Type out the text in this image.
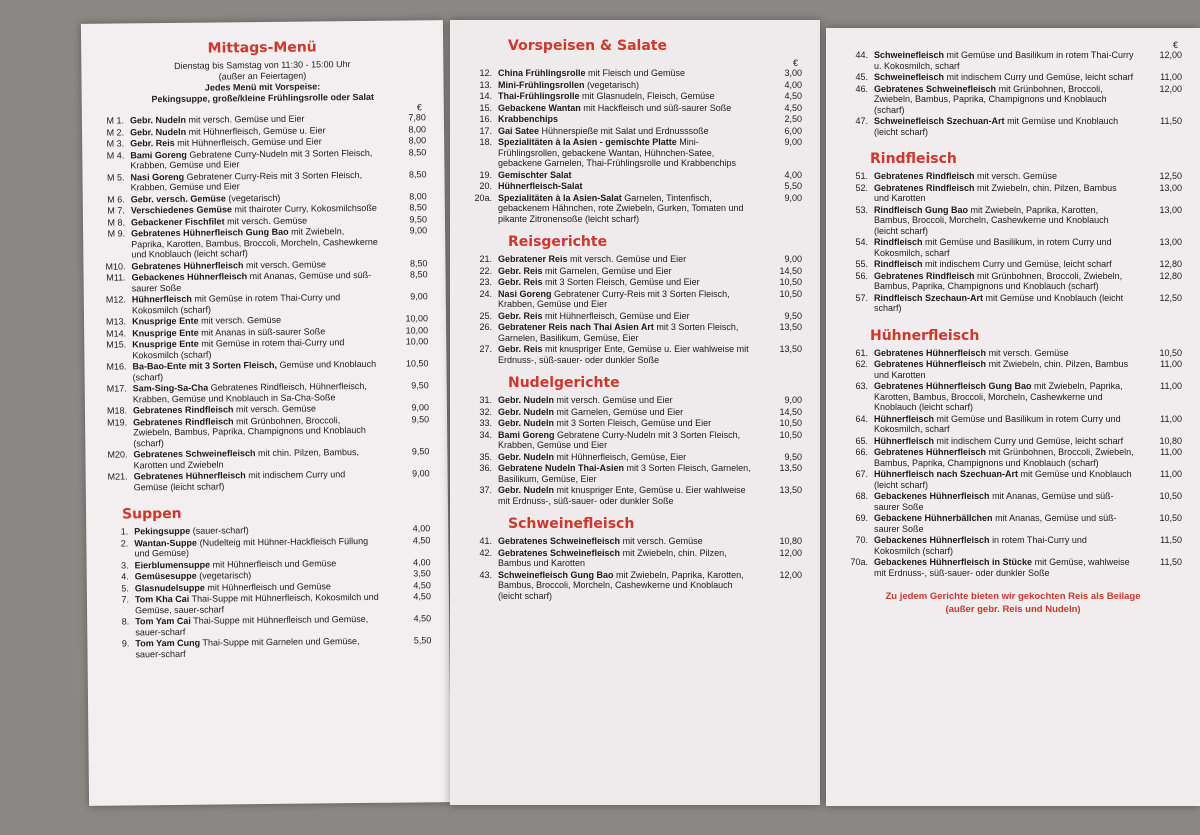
Mittags-Menü
Dienstag bis Samstag von 11:30 - 15:00 Uhr
(außer an Feiertagen)
Jedes Menü mit Vorspeise:
Pekingsuppe, große/kleine Frühlingsrolle oder Salat
€
M 1. Gebr. Nudeln mit versch. Gemüse und Eier	7,80
M 2. Gebr. Nudeln mit Hühnerfleisch, Gemüse u. Eier	8,00
M 3. Gebr. Reis mit Hühnerfleisch, Gemüse und Eier	8,00
M 4. Bami Goreng Gebratene Curry-Nudeln mit 3 Sorten Fleisch, Krabben, Gemüse und Eier
8,50
M 5. Nasi Goreng Gebratener Curry-Reis mit 3 Sorten Fleisch, Krabben, Gemüse und Eier
8,50
M 6. Gebr. versch. Gemüse (vegetarisch)	8,00
M 7. Verschiedenes Gemüse mit thairoter Curry, Kokosmilchsoße	8,50
M 8. Gebackener Fischfilet mit versch. Gemüse	9,50
M 9. Gebratenes Hühnerfleisch Gung Bao mit Zwiebeln, Paprika, Karotten, Bambus, Broccoli, Morcheln, Cashewkerne und Knoblauch (leicht scharf)
9,00
M10. Gebratenes Hühnerfleisch mit versch. Gemüse	8,50
M11. Gebackenes Hühnerfleisch mit Ananas, Gemüse und süß-saurer Soße
8,50
M12. Hühnerfleisch mit Gemüse in rotem Thai-Curry und Kokosmilch (scharf)
9,00
M13. Knusprige Ente mit versch. Gemüse	10,00
M14. Knusprige Ente mit Ananas in süß-saurer Soße	10,00
M15. Knusprige Ente mit Gemüse in rotem thai-Curry und Kokosmilch (scharf)
10,00
M16. Ba-Bao-Ente mit 3 Sorten Fleisch, Gemüse und Knoblauch (scharf)
10,50
M17. Sam-Sing-Sa-Cha Gebratenes Rindfleisch, Hühnerfleisch, Krabben, Gemüse und Knoblauch in Sa-Cha-Soße
9,50
M18. Gebratenes Rindfleisch mit versch. Gemüse	9,00
M19. Gebratenes Rindfleisch mit Grünbohnen, Broccoli, Zwiebeln, Bambus, Paprika, Champignons und Knoblauch (scharf)
9,50
M20. Gebratenes Schweinefleisch mit chin. Pilzen, Bambus, Karotten und Zwiebeln
9,50
M21. Gebratenes Hühnerfleisch mit indischem Curry und Gemüse (leicht scharf)
9,00
Suppen
1. Pekingsuppe (sauer-scharf)	4,00
2. Wantan-Suppe (Nudelteig mit Hühner-Hackfleisch Füllung und Gemüse)
4,50
3. Eierblumensuppe mit Hühnerfleisch und Gemüse	4,00
4. Gemüsesuppe (vegetarisch)	3,50
5. Glasnudelsuppe mit Hühnerfleisch und Gemüse	4,50
7. Tom Kha Cai Thai-Suppe mit Hühnerfleisch, Kokosmilch und Gemüse, sauer-scharf
4,50
8. Tom Yam Cai Thai-Suppe mit Hühnerfleisch und Gemüse, sauer-scharf
4,50
9. Tom Yam Cung Thai-Suppe mit Garnelen und Gemüse, sauer-scharf
5,50
Vorspeisen & Salate
€
12. China Frühlingsrolle mit Fleisch und Gemüse	3,00
13. Mini-Frühlingsrollen (vegetarisch)	4,00
14. Thai-Frühlingsrolle mit Glasnudeln, Fleisch, Gemüse	4,50
15. Gebackene Wantan mit Hackfleisch und süß-saurer Soße	4,50
16. Krabbenchips	2,50
17. Gai Satee Hühnerspieße mit Salat und Erdnusssoße	6,00
18. Spezialitäten à la Asien - gemischte Platte Mini-Frühlingsrollen, gebackene Wantan, Hühnchen-Satee, gebackene Garnelen, Thai-Frühlingsrolle und Krabbenchips
9,00
19. Gemischter Salat	4,00
20. Hühnerfleisch-Salat	5,50
20a. Spezialitäten à la Asien-Salat Garnelen, Tintenfisch, gebackenem Hähnchen, rote Zwiebeln, Gurken, Tomaten und pikante Zitronensoße (leicht scharf)
9,00
Reisgerichte
21. Gebratener Reis mit versch. Gemüse und Eier	9,00
22. Gebr. Reis mit Garnelen, Gemüse und Eier	14,50
23. Gebr. Reis mit 3 Sorten Fleisch, Gemüse und Eier	10,50
24. Nasi Goreng Gebratener Curry-Reis mit 3 Sorten Fleisch, Krabben, Gemüse und Eier
10,50
25. Gebr. Reis mit Hühnerfleisch, Gemüse und Eier	9,50
26. Gebratener Reis nach Thai Asien Art mit 3 Sorten Fleisch, Garnelen, Basilikum, Gemüse, Eier
13,50
27. Gebr. Reis mit knuspriger Ente, Gemüse u. Eier wahlweise mit Erdnuss-, süß-sauer- oder dunkler Soße
13,50
Nudelgerichte
31. Gebr. Nudeln mit versch. Gemüse und Eier	9,00
32. Gebr. Nudeln mit Garnelen, Gemüse und Eier	14,50
33. Gebr. Nudeln mit 3 Sorten Fleisch, Gemüse und Eier	10,50
34. Bami Goreng Gebratene Curry-Nudeln mit 3 Sorten Fleisch, Krabben, Gemüse und Eier
10,50
35. Gebr. Nudeln mit Hühnerfleisch, Gemüse, Eier	9,50
36. Gebratene Nudeln Thai-Asien mit 3 Sorten Fleisch, Garnelen, Basilikum, Gemüse, Eier
13,50
37. Gebr. Nudeln mit knuspriger Ente, Gemüse u. Eier wahlweise mit Erdnuss-, süß-sauer- oder dunkler Soße
13,50
Schweinefleisch
41. Gebratenes Schweinefleisch mit versch. Gemüse	10,80
42. Gebratenes Schweinefleisch mit Zwiebeln, chin. Pilzen, Bambus und Karotten
12,00
43. Schweinefleisch Gung Bao mit Zwiebeln, Paprika, Karotten, Bambus, Broccoli, Morcheln, Cashewkerne und Knoblauch (leicht scharf)
12,00
€
44. Schweinefleisch mit Gemüse und Basilikum in rotem Thai-Curry u. Kokosmilch, scharf
12,00
45. Schweinefleisch mit indischem Curry und Gemüse, leicht scharf	11,00
46. Gebratenes Schweinefleisch mit Grünbohnen, Broccoli, Zwiebeln, Bambus, Paprika, Champignons und Knoblauch (scharf)
12,00
47. Schweinefleisch Szechuan-Art mit Gemüse und Knoblauch (leicht scharf)
11,50
Rindfleisch
51. Gebratenes Rindfleisch mit versch. Gemüse	12,50
52. Gebratenes Rindfleisch mit Zwiebeln, chin. Pilzen, Bambus und Karotten
13,00
53. Rindfleisch Gung Bao mit Zwiebeln, Paprika, Karotten, Bambus, Broccoli, Morcheln, Cashewkerne und Knoblauch (leicht scharf)
13,00
54. Rindfleisch mit Gemüse und Basilikum, in rotem Curry und Kokosmilch, scharf
13,00
55. Rindfleisch mit indischem Curry und Gemüse, leicht scharf	12,80
56. Gebratenes Rindfleisch mit Grünbohnen, Broccoli, Zwiebeln, Bambus, Paprika, Champignons und Knoblauch (scharf)
12,80
57. Rindfleisch Szechaun-Art mit Gemüse und Knoblauch (leicht scharf)
12,50
Hühnerfleisch
61. Gebratenes Hühnerfleisch mit versch. Gemüse	10,50
62. Gebratenes Hühnerfleisch mit Zwiebeln, chin. Pilzen, Bambus und Karotten
11,00
63. Gebratenes Hühnerfleisch Gung Bao mit Zwiebeln, Paprika, Karotten, Bambus, Broccoli, Morcheln, Cashewkerne und Knoblauch (leicht scharf)
11,00
64. Hühnerfleisch mit Gemüse und Basilikum in rotem Curry und Kokosmilch, scharf
11,00
65. Hühnerfleisch mit indischem Curry und Gemüse, leicht scharf	10,80
66. Gebratenes Hühnerfleisch mit Grünbohnen, Broccoli, Zwiebeln, Bambus, Paprika, Champignons und Knoblauch (scharf)
11,00
67. Hühnerfleisch nach Szechuan-Art mit Gemüse und Knoblauch (leicht scharf)
11,00
68. Gebackenes Hühnerfleisch mit Ananas, Gemüse und süß-saurer Soße
10,50
69. Gebackene Hühnerbällchen mit Ananas, Gemüse und süß-saurer Soße
10,50
70. Gebackenes Hühnerfleisch in rotem Thai-Curry und Kokosmilch (scharf)
11,50
70a. Gebackenes Hühnerfleisch in Stücke mit Gemüse, wahlweise mit Erdnuss-, süß-sauer- oder dunkler Soße
11,50
Zu jedem Gerichte bieten wir gekochten Reis als Beilage
(außer gebr. Reis und Nudeln)
